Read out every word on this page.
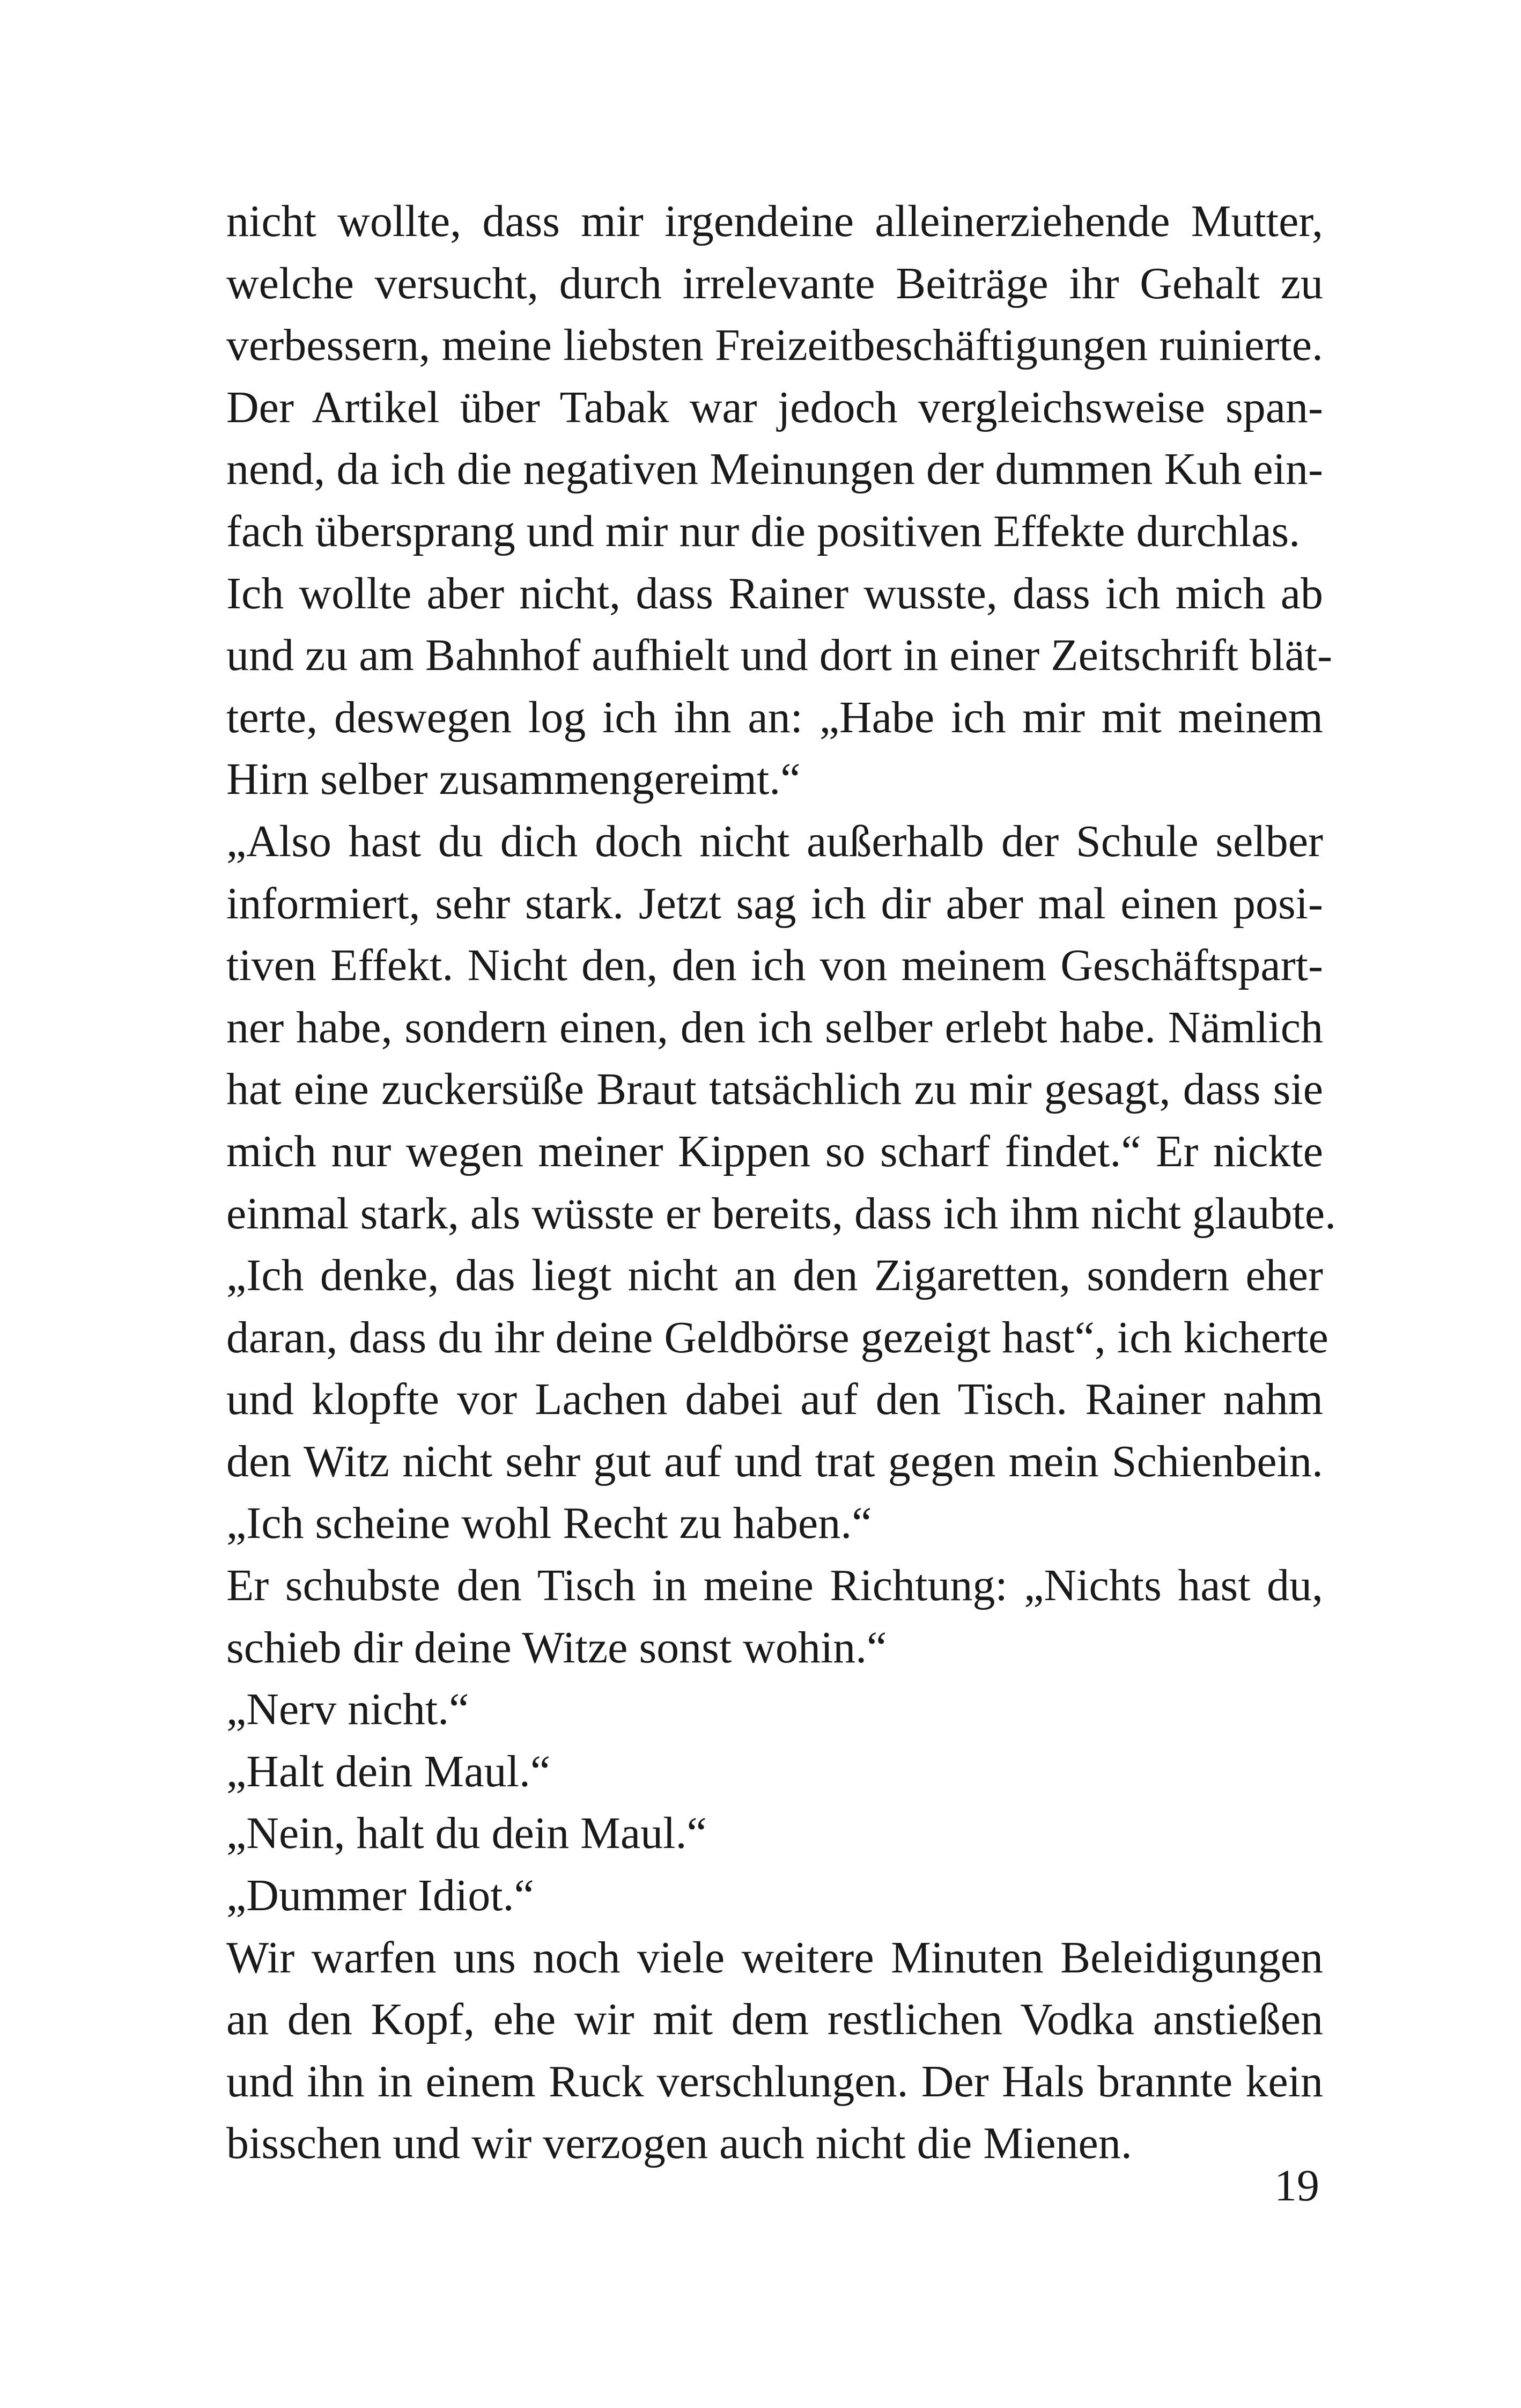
nicht wollte, dass mir irgendeine alleinerziehende Mutter,
welche versucht, durch irrelevante Beiträge ihr Gehalt zu
verbessern, meine liebsten Freizeitbeschäftigungen ruinierte.
Der Artikel über Tabak war jedoch vergleichsweise span-
nend, da ich die negativen Meinungen der dummen Kuh ein-
fach übersprang und mir nur die positiven Effekte durchlas.
Ich wollte aber nicht, dass Rainer wusste, dass ich mich ab
und zu am Bahnhof aufhielt und dort in einer Zeitschrift blät-
terte, deswegen log ich ihn an: „Habe ich mir mit meinem
Hirn selber zusammengereimt.“
„Also hast du dich doch nicht außerhalb der Schule selber
informiert, sehr stark. Jetzt sag ich dir aber mal einen posi-
tiven Effekt. Nicht den, den ich von meinem Geschäftspart-
ner habe, sondern einen, den ich selber erlebt habe. Nämlich
hat eine zuckersüße Braut tatsächlich zu mir gesagt, dass sie
mich nur wegen meiner Kippen so scharf findet.“ Er nickte
einmal stark, als wüsste er bereits, dass ich ihm nicht glaubte.
„Ich denke, das liegt nicht an den Zigaretten, sondern eher
daran, dass du ihr deine Geldbörse gezeigt hast“, ich kicherte
und klopfte vor Lachen dabei auf den Tisch. Rainer nahm
den Witz nicht sehr gut auf und trat gegen mein Schienbein.
„Ich scheine wohl Recht zu haben.“
Er schubste den Tisch in meine Richtung: „Nichts hast du,
schieb dir deine Witze sonst wohin.“
„Nerv nicht.“
„Halt dein Maul.“
„Nein, halt du dein Maul.“
„Dummer Idiot.“
Wir warfen uns noch viele weitere Minuten Beleidigungen
an den Kopf, ehe wir mit dem restlichen Vodka anstießen
und ihn in einem Ruck verschlungen. Der Hals brannte kein
bisschen und wir verzogen auch nicht die Mienen.
19
